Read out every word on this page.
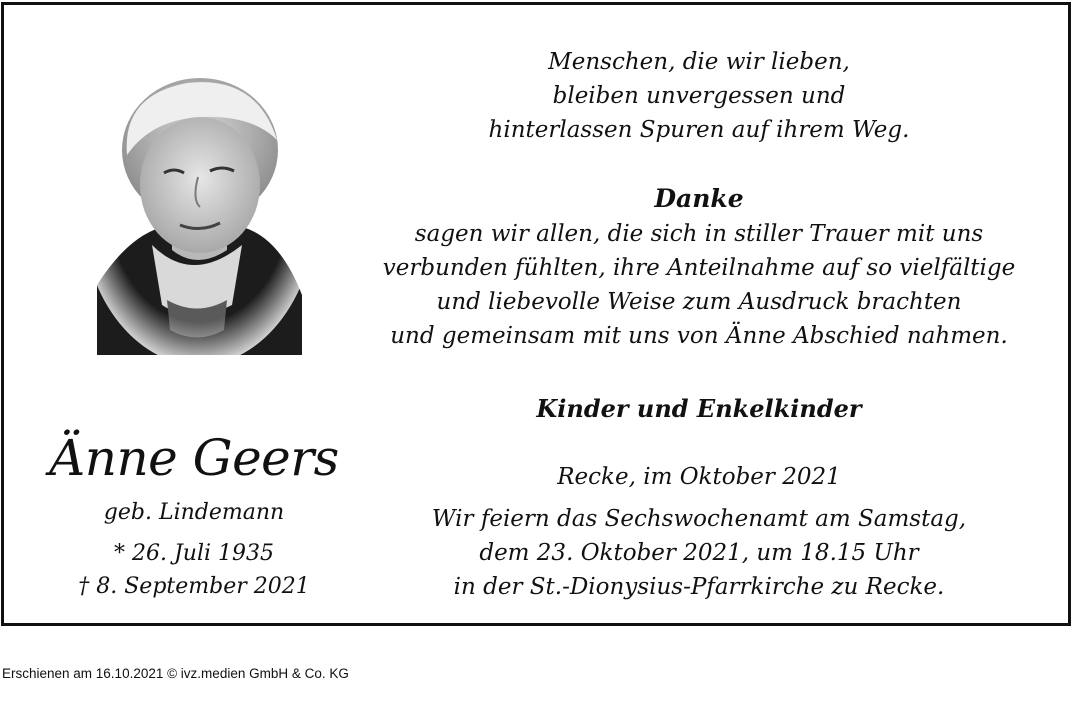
Menschen, die wir lieben,
bleiben unvergessen und
hinterlassen Spuren auf ihrem Weg.
Danke
sagen wir allen, die sich in stiller Trauer mit uns
verbunden fühlten, ihre Anteilnahme auf so vielfältige
und liebevolle Weise zum Ausdruck brachten
und gemeinsam mit uns von Änne Abschied nahmen.
Kinder und Enkelkinder
Recke, im Oktober 2021
Wir feiern das Sechswochenamt am Samstag,
dem 23. Oktober 2021, um 18.15 Uhr
in der St.-Dionysius-Pfarrkirche zu Recke.
Änne Geers
geb. Lindemann
* 26. Juli 1935
† 8. September 2021
Erschienen am 16.10.2021 © ivz.medien GmbH & Co. KG
